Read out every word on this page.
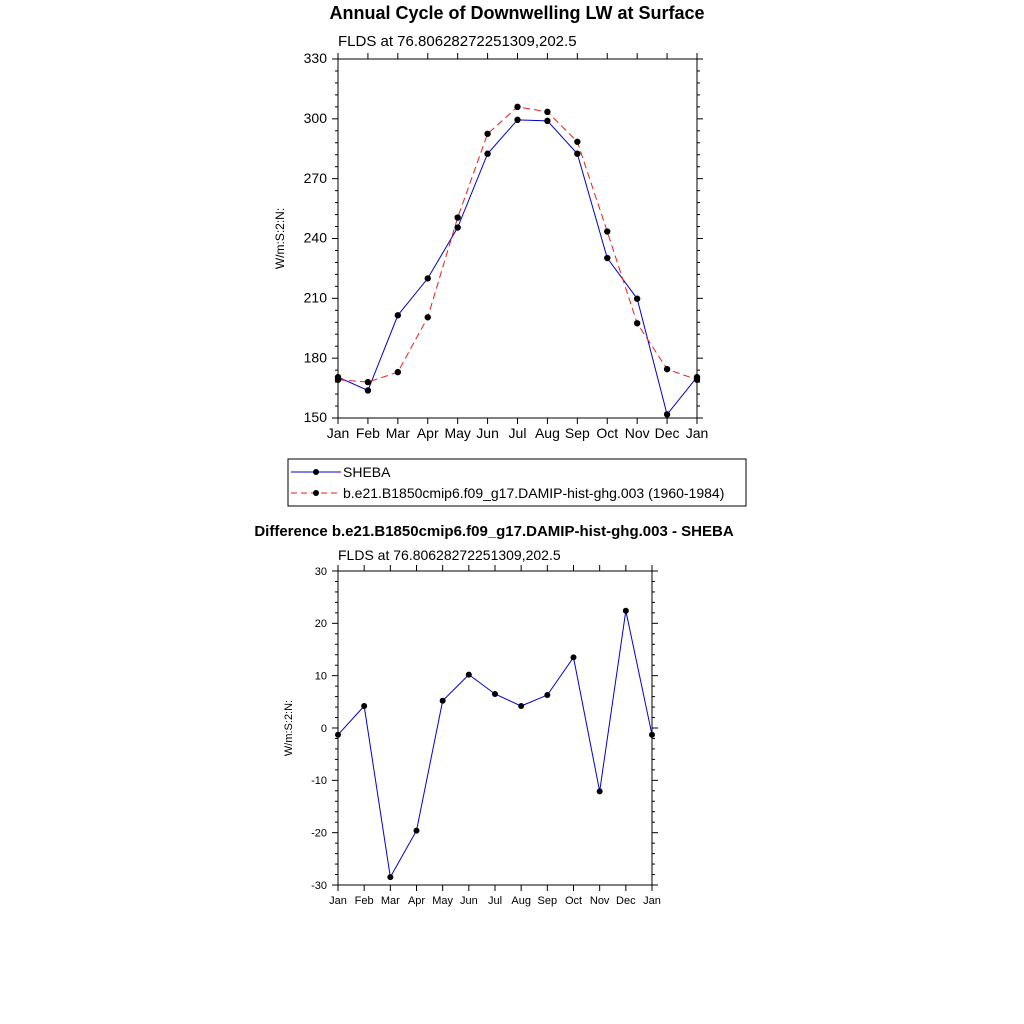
Annual Cycle of Downwelling LW at Surface
FLDS at 76.80628272251309,202.5
150
180
210
240
270
300
330
Jan Feb Mar Apr May Jun Jul Aug Sep Oct Nov Dec Jan
W/m:S:2:N:
SHEBA
b.e21.B1850cmip6.f09_g17.DAMIP-hist-ghg.003 (1960-1984)
Difference b.e21.B1850cmip6.f09_g17.DAMIP-hist-ghg.003 - SHEBA
FLDS at 76.80628272251309,202.5
-30
-20
-10
0
10
20
30
Jan Feb Mar Apr May Jun Jul Aug Sep Oct Nov Dec Jan
W/m:S:2:N:
